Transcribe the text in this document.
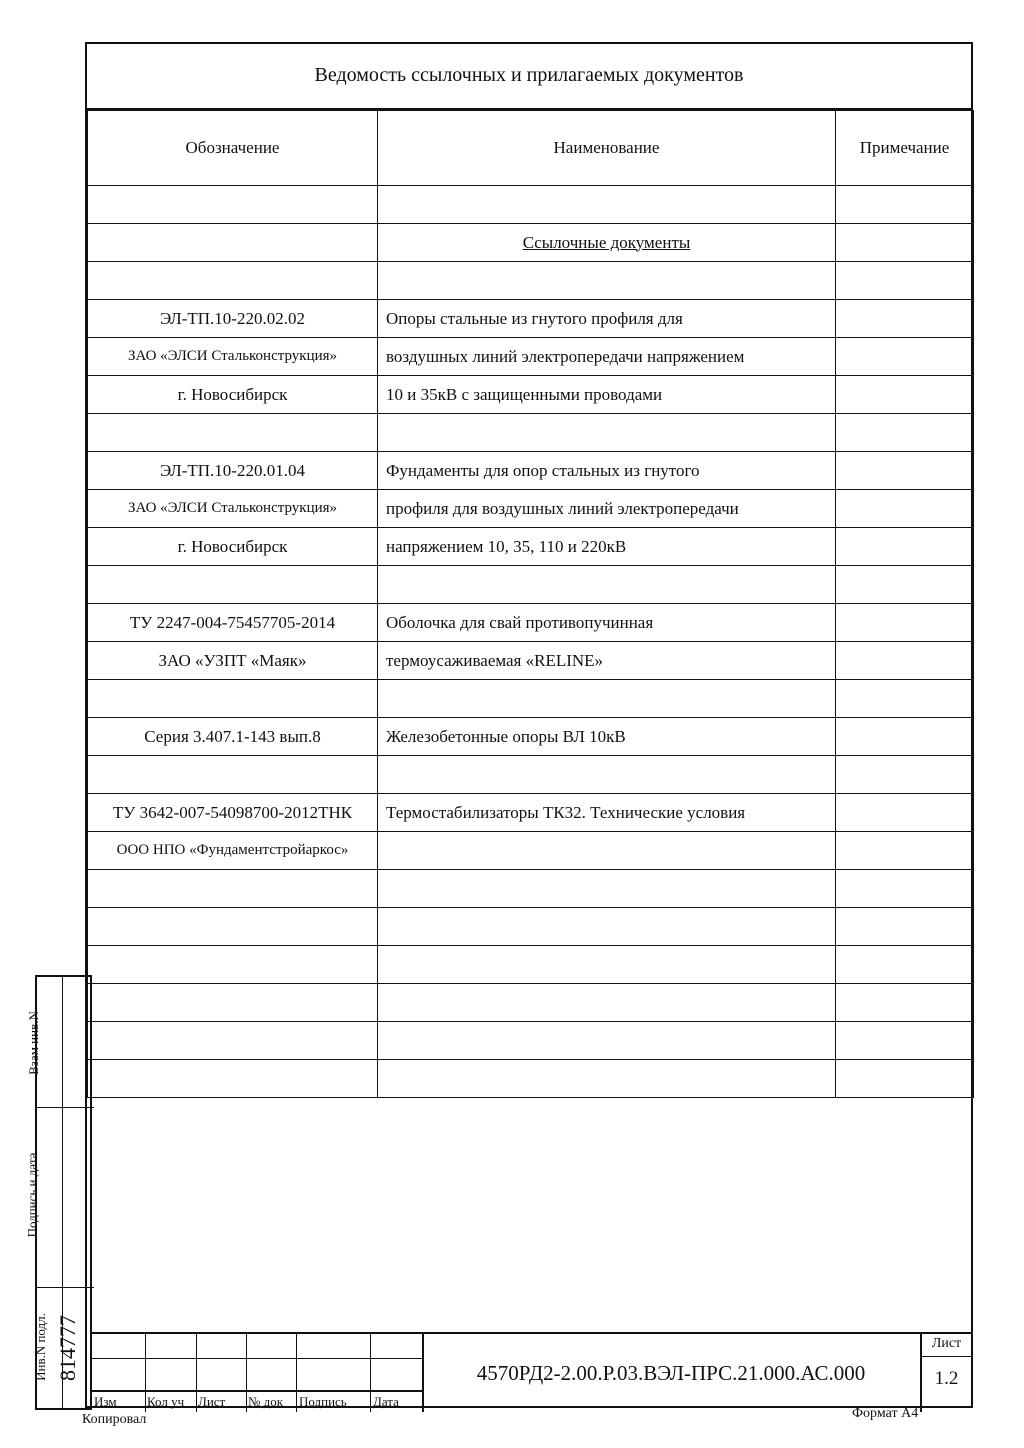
Ведомость ссылочных и прилагаемых документов
Обозначение	Наименование	Примечание

	Ссылочные документы	

ЭЛ-ТП.10-220.02.02	Опоры стальные из гнутого профиля для	
ЗАО «ЭЛСИ Стальконструкция»	воздушных линий электропередачи напряжением	
г. Новосибирск	10 и 35кВ с защищенными проводами	

ЭЛ-ТП.10-220.01.04	Фундаменты для опор стальных из гнутого	
ЗАО «ЭЛСИ Стальконструкция»	профиля для воздушных линий электропередачи	
г. Новосибирск	напряжением 10, 35, 110 и 220кВ	

ТУ 2247-004-75457705-2014	Оболочка для свай противопучинная	
ЗАО «УЗПТ «Маяк»	термоусаживаемая «RELINE»	

Серия 3.407.1-143 вып.8	Железобетонные опоры ВЛ 10кВ	

ТУ 3642-007-54098700-2012ТНК	Термостабилизаторы ТК32. Технические условия	
ООО НПО «Фундаментстройаркос»		

Взам инв.N
Подпись и дата
Инв.N подл. 814777
Изм Кол уч Лист № док Подпись Дата
4570РД2-2.00.Р.03.ВЭЛ-ПРС.21.000.АС.000
Лист
1.2
Копировал	Формат А4
